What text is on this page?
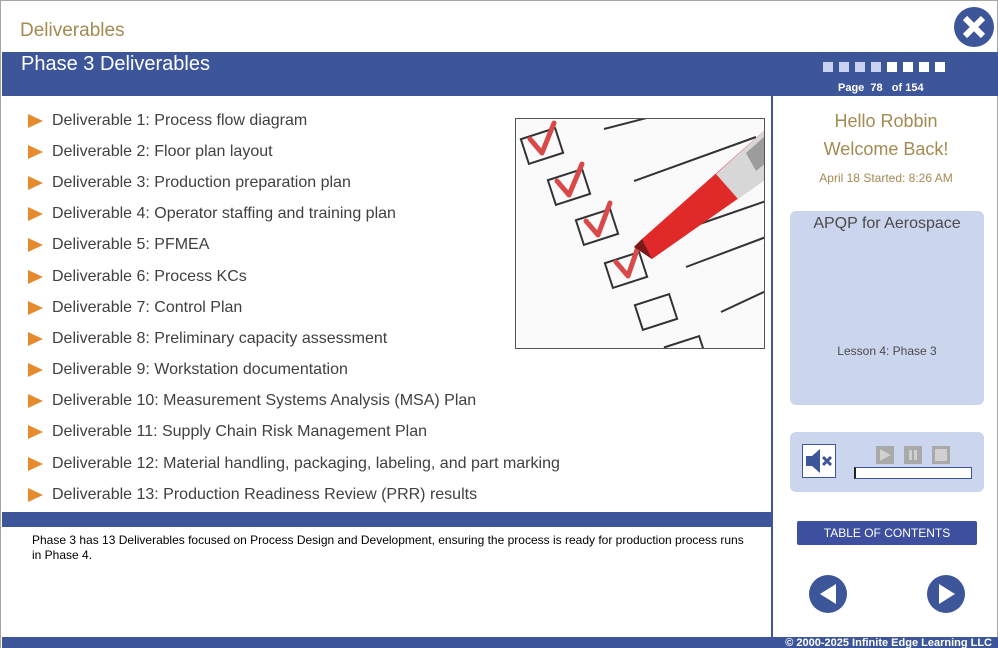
Deliverables
Phase 3 Deliverables
Page  78   of 154
Deliverable 1: Process flow diagram
Deliverable 2: Floor plan layout
Deliverable 3: Production preparation plan
Deliverable 4: Operator staffing and training plan
Deliverable 5: PFMEA
Deliverable 6: Process KCs
Deliverable 7: Control Plan
Deliverable 8: Preliminary capacity assessment
Deliverable 9: Workstation documentation
Deliverable 10: Measurement Systems Analysis (MSA) Plan
Deliverable 11: Supply Chain Risk Management Plan
Deliverable 12: Material handling, packaging, labeling, and part marking
Deliverable 13: Production Readiness Review (PRR) results
Phase 3 has 13 Deliverables focused on Process Design and Development, ensuring the process is ready for production process runs in Phase 4.
Hello Robbin
Welcome Back!
April 18 Started: 8:26 AM
APQP for Aerospace
Lesson 4: Phase 3
TABLE OF CONTENTS
© 2000-2025 Infinite Edge Learning LLC
